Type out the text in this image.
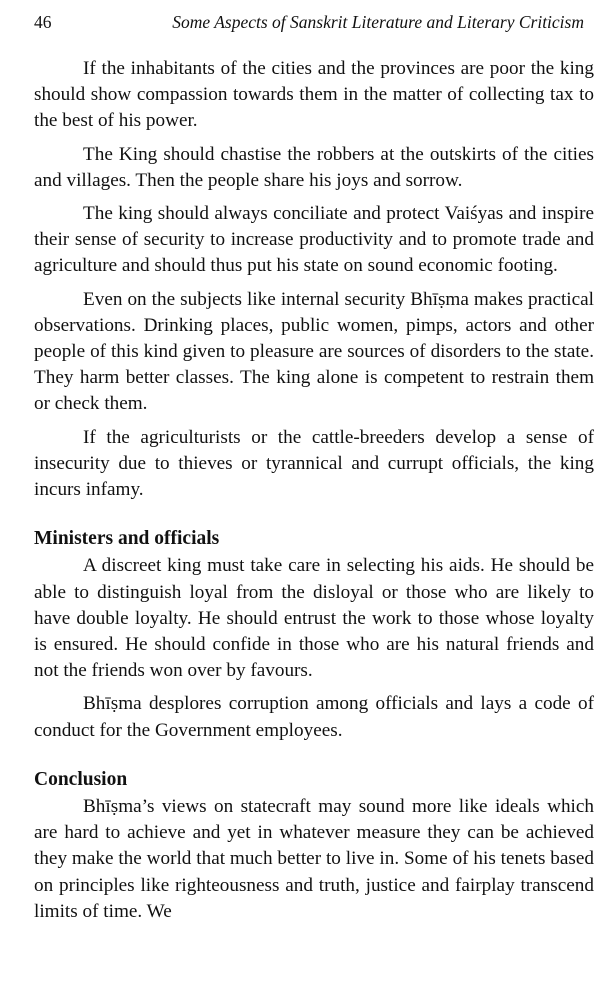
46	Some Aspects of Sanskrit Literature and Literary Criticism

If the inhabitants of the cities and the provinces are poor the king should show compassion towards them in the matter of collecting tax to the best of his power.

The King should chastise the robbers at the outskirts of the cities and villages. Then the people share his joys and sorrow.

The king should always conciliate and protect Vaiśyas and inspire their sense of security to increase productivity and to promote trade and agriculture and should thus put his state on sound economic footing.

Even on the subjects like internal security Bhīṣma makes practical observations. Drinking places, public women, pimps, actors and other people of this kind given to pleasure are sources of disorders to the state. They harm better classes. The king alone is competent to restrain them or check them.

If the agriculturists or the cattle-breeders develop a sense of insecurity due to thieves or tyrannical and currupt officials, the king incurs infamy.

Ministers and officials

A discreet king must take care in selecting his aids. He should be able to distinguish loyal from the disloyal or those who are likely to have double loyalty. He should entrust the work to those whose loyalty is ensured. He should confide in those who are his natural friends and not the friends won over by favours.

Bhīṣma desplores corruption among officials and lays a code of conduct for the Government employees.

Conclusion

Bhīṣma’s views on statecraft may sound more like ideals which are hard to achieve and yet in whatever measure they can be achieved they make the world that much better to live in. Some of his tenets based on principles like righteousness and truth, justice and fairplay transcend limits of time. We
